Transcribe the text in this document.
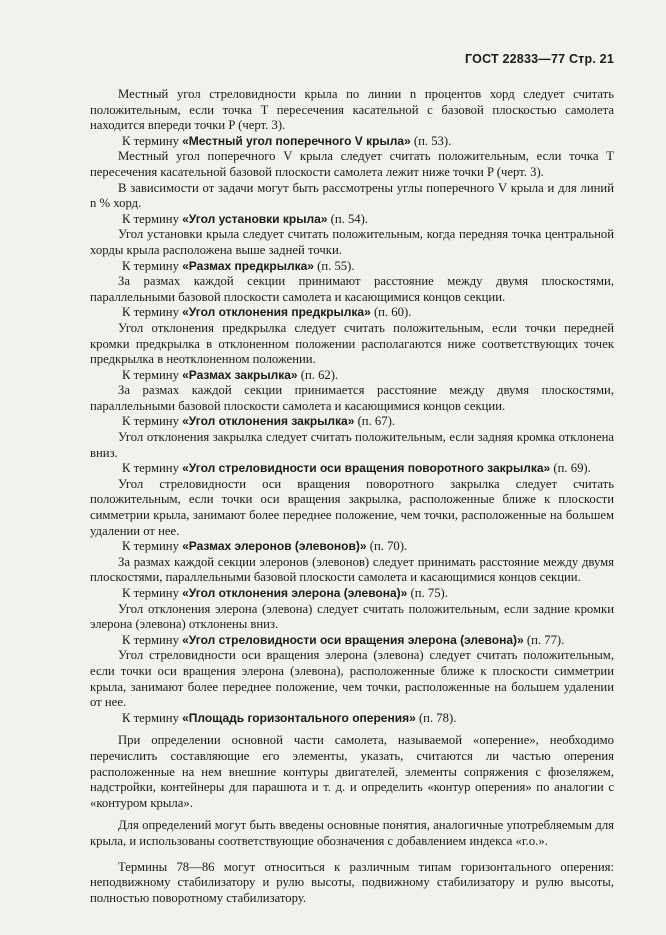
ГОСТ 22833—77 Стр. 21

Местный угол стреловидности крыла по линии n процентов хорд следует считать положительным, если точка T пересечения касательной с базовой плоскостью самолета находится впереди точки P (черт. 3).

К термину «Местный угол поперечного V крыла» (п. 53).

Местный угол поперечного V крыла следует считать положительным, если точка T пересечения касательной базовой плоскости самолета лежит ниже точки P (черт. 3).

В зависимости от задачи могут быть рассмотрены углы поперечного V крыла и для линий n % хорд.

К термину «Угол установки крыла» (п. 54).

Угол установки крыла следует считать положительным, когда передняя точка центральной хорды крыла расположена выше задней точки.

К термину «Размах предкрылка» (п. 55).

За размах каждой секции принимают расстояние между двумя плоскостями, параллельными базовой плоскости самолета и касающимися концов секции.

К термину «Угол отклонения предкрылка» (п. 60).

Угол отклонения предкрылка следует считать положительным, если точки передней кромки предкрылка в отклоненном положении располагаются ниже соответствующих точек предкрылка в неотклоненном положении.

К термину «Размах закрылка» (п. 62).

За размах каждой секции принимается расстояние между двумя плоскостями, параллельными базовой плоскости самолета и касающимися концов секции.

К термину «Угол отклонения закрылка» (п. 67).

Угол отклонения закрылка следует считать положительным, если задняя кромка отклонена вниз.

К термину «Угол стреловидности оси вращения поворотного закрылка» (п. 69).

Угол стреловидности оси вращения поворотного закрылка следует считать положительным, если точки оси вращения закрылка, расположенные ближе к плоскости симметрии крыла, занимают более переднее положение, чем точки, расположенные на большем удалении от нее.

К термину «Размах элеронов (элевонов)» (п. 70).

За размах каждой секции элеронов (элевонов) следует принимать расстояние между двумя плоскостями, параллельными базовой плоскости самолета и касающимися концов секции.

К термину «Угол отклонения элерона (элевона)» (п. 75).

Угол отклонения элерона (элевона) следует считать положительным, если задние кромки элерона (элевона) отклонены вниз.

К термину «Угол стреловидности оси вращения элерона (элевона)» (п. 77).

Угол стреловидности оси вращения элерона (элевона) следует считать положительным, если точки оси вращения элерона (элевона), расположенные ближе к плоскости симметрии крыла, занимают более переднее положение, чем точки, расположенные на большем удалении от нее.

К термину «Площадь горизонтального оперения» (п. 78).

При определении основной части самолета, называемой «оперение», необходимо перечислить составляющие его элементы, указать, считаются ли частью оперения расположенные на нем внешние контуры двигателей, элементы сопряжения с фюзеляжем, надстройки, контейнеры для парашюта и т. д. и определить «контур оперения» по аналогии с «контуром крыла».

Для определений могут быть введены основные понятия, аналогичные употребляемым для крыла, и использованы соответствующие обозначения с добавлением индекса «г.о.».

Термины 78—86 могут относиться к различным типам горизонтального оперения: неподвижному стабилизатору и рулю высоты, подвижному стабилизатору и рулю высоты, полностью поворотному стабилизатору.
